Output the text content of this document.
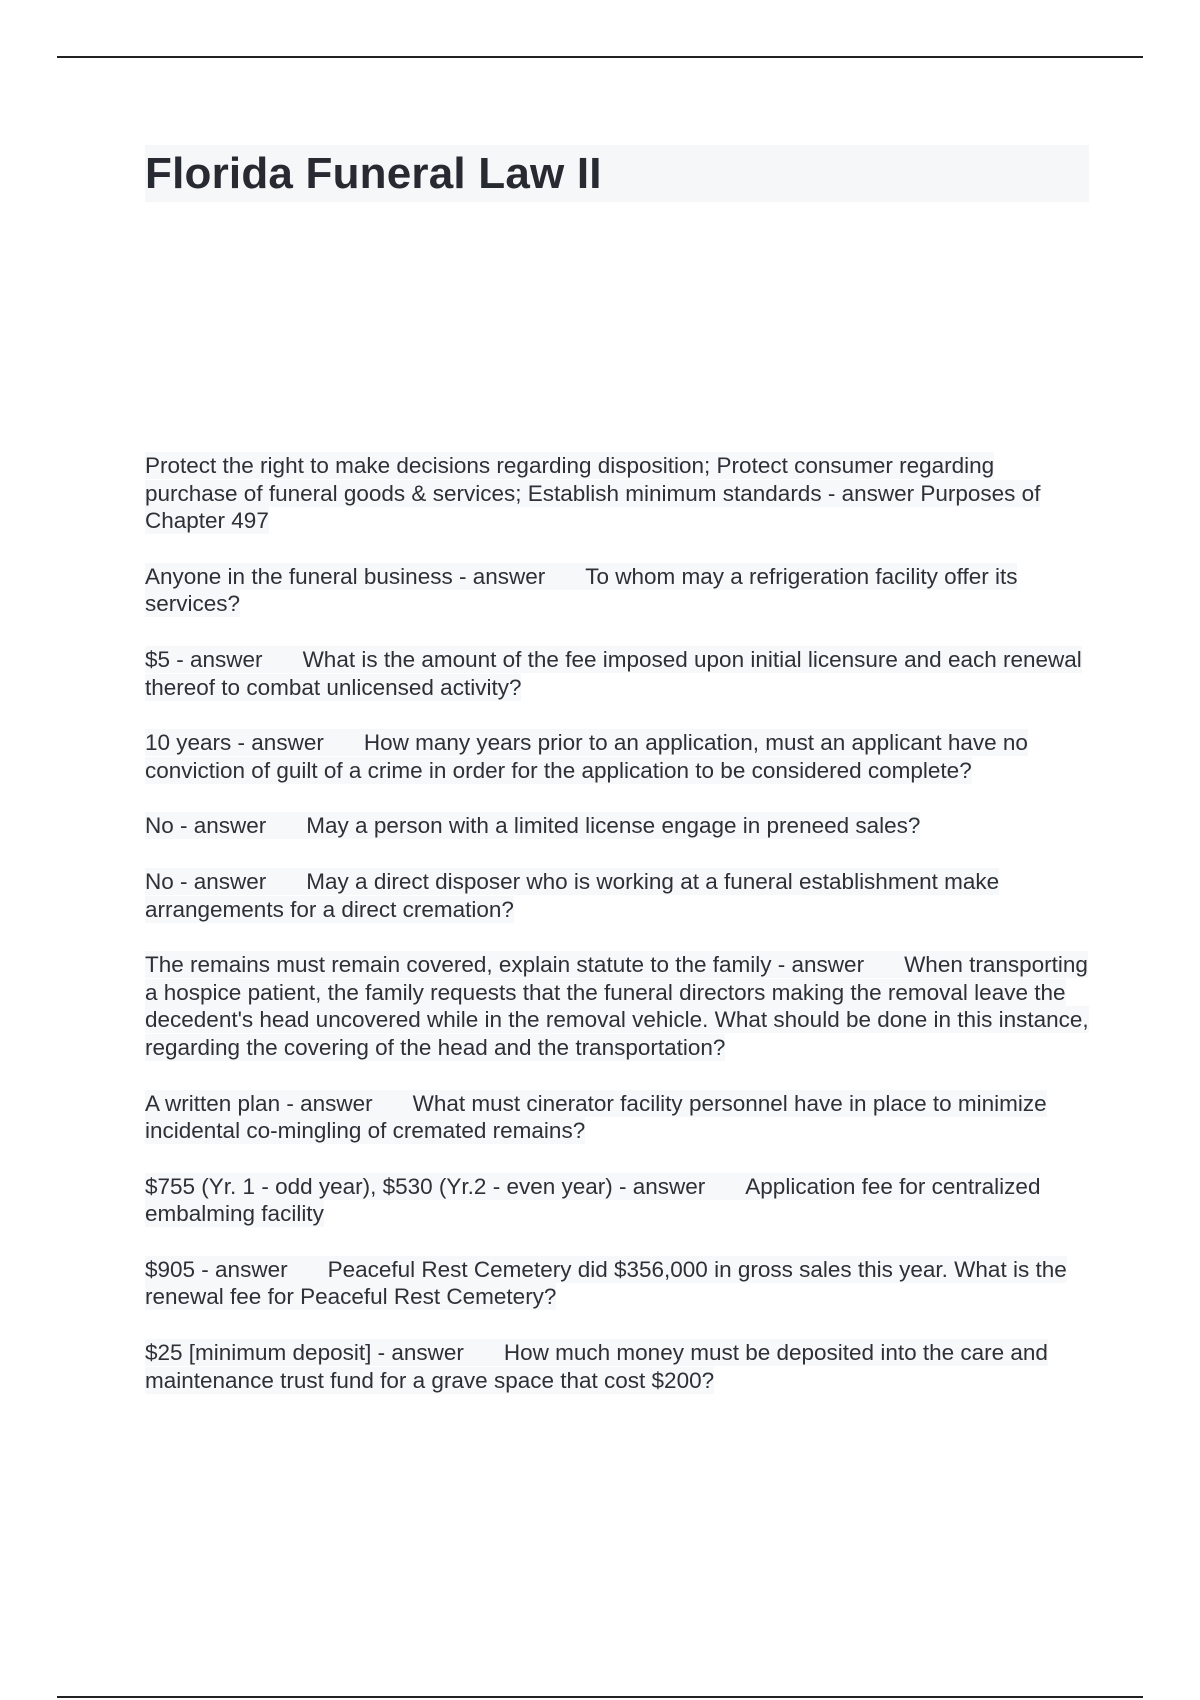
Florida Funeral Law II
Protect the right to make decisions regarding disposition; Protect consumer regarding purchase of funeral goods & services; Establish minimum standards - answer Purposes of Chapter 497
Anyone in the funeral business - answer To whom may a refrigeration facility offer its services?
$5 - answer What is the amount of the fee imposed upon initial licensure and each renewal thereof to combat unlicensed activity?
10 years - answer How many years prior to an application, must an applicant have no conviction of guilt of a crime in order for the application to be considered complete?
No - answer May a person with a limited license engage in preneed sales?
No - answer May a direct disposer who is working at a funeral establishment make arrangements for a direct cremation?
The remains must remain covered, explain statute to the family - answer When transporting a hospice patient, the family requests that the funeral directors making the removal leave the decedent's head uncovered while in the removal vehicle. What should be done in this instance, regarding the covering of the head and the transportation?
A written plan - answer What must cinerator facility personnel have in place to minimize incidental co-mingling of cremated remains?
$755 (Yr. 1 - odd year), $530 (Yr.2 - even year) - answer Application fee for centralized embalming facility
$905 - answer Peaceful Rest Cemetery did $356,000 in gross sales this year. What is the renewal fee for Peaceful Rest Cemetery?
$25 [minimum deposit] - answer How much money must be deposited into the care and maintenance trust fund for a grave space that cost $200?
